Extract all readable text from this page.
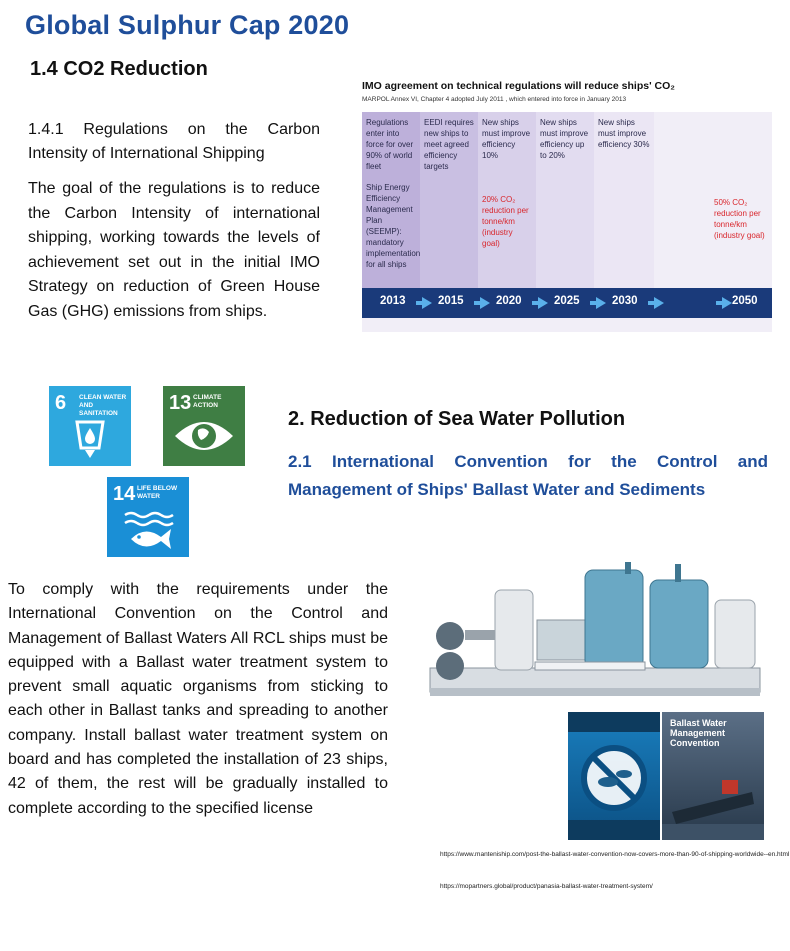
Global Sulphur Cap 2020
1.4 CO2 Reduction
1.4.1 Regulations on the Carbon
Intensity of International Shipping
The goal of the regulations is to reduce the Carbon Intensity of international shipping, working towards the levels of achievement set out in the initial IMO Strategy on reduction of Green House Gas (GHG) emissions from ships.
IMO agreement on technical regulations will reduce ships' CO₂
MARPOL Annex VI, Chapter 4 adopted July 2011 , which entered into force in January 2013
Regulations enter into force for over 90% of world fleet
Ship Energy Efficiency Management Plan (SEEMP): mandatory implementation for all ships
EEDI requires new ships to meet agreed efficiency targets
New ships must improve efficiency 10%
20% CO₂ reduction per tonne/km (industry goal)
New ships must improve efficiency up to 20%
New ships must improve efficiency 30%
50% CO₂ reduction per tonne/km (industry goal)
2013	2015	2020	2025	2030	2050
6 CLEAN WATER AND SANITATION	13 CLIMATE ACTION
14 LIFE BELOW WATER
2. Reduction of Sea Water Pollution
2.1 International Convention for the Control and Management of Ships' Ballast Water and Sediments
To comply with the requirements under the International Convention on the Control and Management of Ballast Waters All RCL ships must be equipped with a Ballast water treatment system to prevent small aquatic organisms from sticking to each other in Ballast tanks and spreading to another company. Install ballast water treatment system on board and has completed the installation of 23 ships, 42 of them, the rest will be gradually installed to complete according to the specified license
Ballast Water
Management
Convention
https://www.manteniship.com/post-the-ballast-water-convention-now-covers-more-than-90-of-shipping-worldwide--en.html
https://mopartners.global/product/panasia-ballast-water-treatment-system/
